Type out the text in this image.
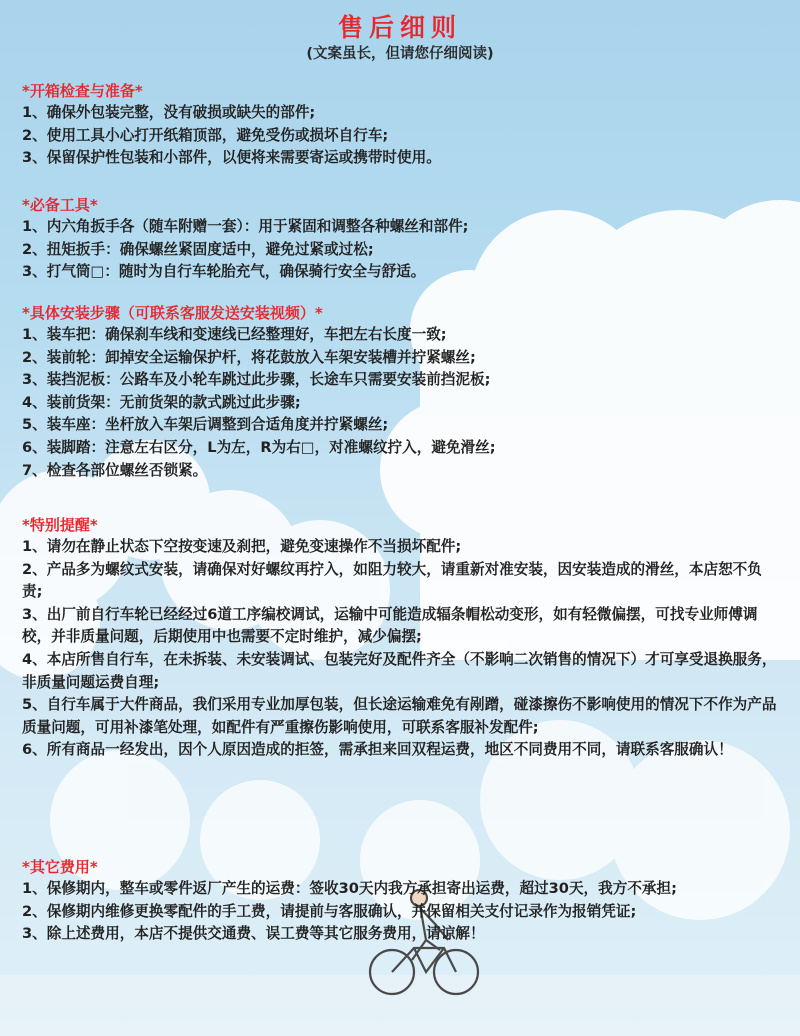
售后细则
(文案虽长，但请您仔细阅读)
*开箱检查与准备*
1、确保外包装完整，没有破损或缺失的部件;
2、使用工具小心打开纸箱顶部，避免受伤或损坏自行车;
3、保留保护性包装和小部件，以便将来需要寄运或携带时使用。
*必备工具*
1、内六角扳手各（随车附赠一套）：用于紧固和调整各种螺丝和部件;
2、扭矩扳手：确保螺丝紧固度适中，避免过紧或过松;
3、打气筒□：随时为自行车轮胎充气，确保骑行安全与舒适。
*具体安装步骤（可联系客服发送安装视频）*
1、装车把：确保刹车线和变速线已经整理好，车把左右长度一致;
2、装前轮：卸掉安全运输保护杆，将花鼓放入车架安装槽并拧紧螺丝;
3、装挡泥板：公路车及小轮车跳过此步骤，长途车只需要安装前挡泥板;
4、装前货架：无前货架的款式跳过此步骤;
5、装车座：坐杆放入车架后调整到合适角度并拧紧螺丝;
6、装脚踏：注意左右区分，L为左，R为右□，对准螺纹拧入，避免滑丝;
7、检查各部位螺丝否锁紧。
*特别提醒*
1、请勿在静止状态下空按变速及刹把，避免变速操作不当损坏配件;
2、产品多为螺纹式安装，请确保对好螺纹再拧入，如阻力较大，请重新对准安装，因安装造成的滑丝，本店恕不负责;
3、出厂前自行车轮已经经过6道工序编校调试，运输中可能造成辐条帽松动变形，如有轻微偏摆，可找专业师傅调校，并非质量问题，后期使用中也需要不定时维护，减少偏摆;
4、本店所售自行车，在未拆装、未安装调试、包装完好及配件齐全（不影响二次销售的情况下）才可享受退换服务，非质量问题运费自理;
5、自行车属于大件商品，我们采用专业加厚包装，但长途运输难免有剐蹭，碰漆擦伤不影响使用的情况下不作为产品质量问题，可用补漆笔处理，如配件有严重擦伤影响使用，可联系客服补发配件;
6、所有商品一经发出，因个人原因造成的拒签，需承担来回双程运费，地区不同费用不同，请联系客服确认！
*其它费用*
1、保修期内，整车或零件返厂产生的运费：签收30天内我方承担寄出运费，超过30天，我方不承担;
2、保修期内维修更换零配件的手工费，请提前与客服确认，并保留相关支付记录作为报销凭证;
3、除上述费用，本店不提供交通费、误工费等其它服务费用，请谅解！
